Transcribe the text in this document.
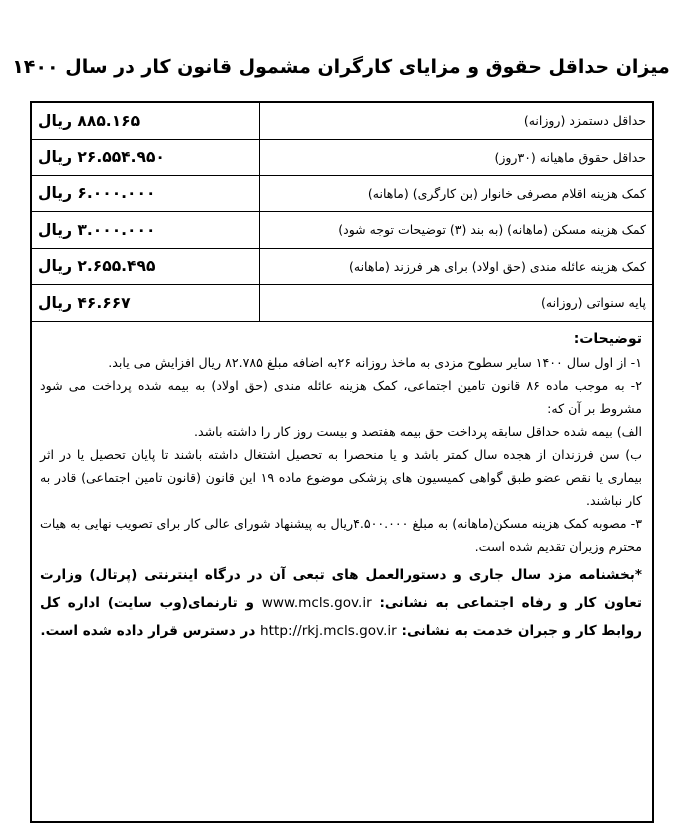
میزان حداقل حقوق و مزایای کارگران مشمول قانون کار در سال ۱۴۰۰
حداقل دستمزد (روزانه)	۸۸۵.۱۶۵ ریال
حداقل حقوق ماهیانه (۳۰روز)	۲۶.۵۵۴.۹۵۰ ریال
کمک هزینه اقلام مصرفی خانوار (بن کارگری) (ماهانه)	۶.۰۰۰.۰۰۰ ریال
کمک هزینه مسکن (ماهانه) (به بند (۳) توضیحات توجه شود)	۳.۰۰۰.۰۰۰ ریال
کمک هزینه عائله مندی (حق اولاد) برای هر فرزند (ماهانه)	۲.۶۵۵.۴۹۵ ریال
پایه سنواتی (روزانه)	۴۶.۶۶۷ ریال

توضیحات:

۱- از اول سال ۱۴۰۰ سایر سطوح مزدی به ماخذ روزانه ۲۶به اضافه مبلغ ۸۲.۷۸۵ ریال افزایش می یابد.

۲- به موجب ماده ۸۶ قانون تامین اجتماعی، کمک هزینه عائله مندی (حق اولاد) به بیمه شده پرداخت می شود مشروط بر آن که:

الف) بیمه شده حداقل سابقه پرداخت حق بیمه هفتصد و بیست روز کار را داشته باشد.

ب) سن فرزندان از هجده سال کمتر باشد و یا منحصرا به تحصیل اشتغال داشته باشند تا پایان تحصیل یا در اثر بیماری یا نقص عضو طبق گواهی کمیسیون های پزشکی موضوع ماده ۱۹ این قانون (قانون تامین اجتماعی) قادر به کار نباشند.

۳- مصوبه کمک هزینه مسکن(ماهانه) به مبلغ ۴.۵۰۰.۰۰۰ریال به پیشنهاد شورای عالی کار برای تصویب نهایی به هیات محترم وزیران تقدیم شده است.

*بخشنامه مزد سال جاری و دستورالعمل های تبعی آن در درگاه اینترنتی (پرتال) وزارت تعاون کار و رفاه اجتماعی به نشانی: www.mcls.gov.ir و تارنمای(وب سایت) اداره کل روابط کار و جبران خدمت به نشانی: http://rkj.mcls.gov.ir در دسترس قرار داده شده است.
